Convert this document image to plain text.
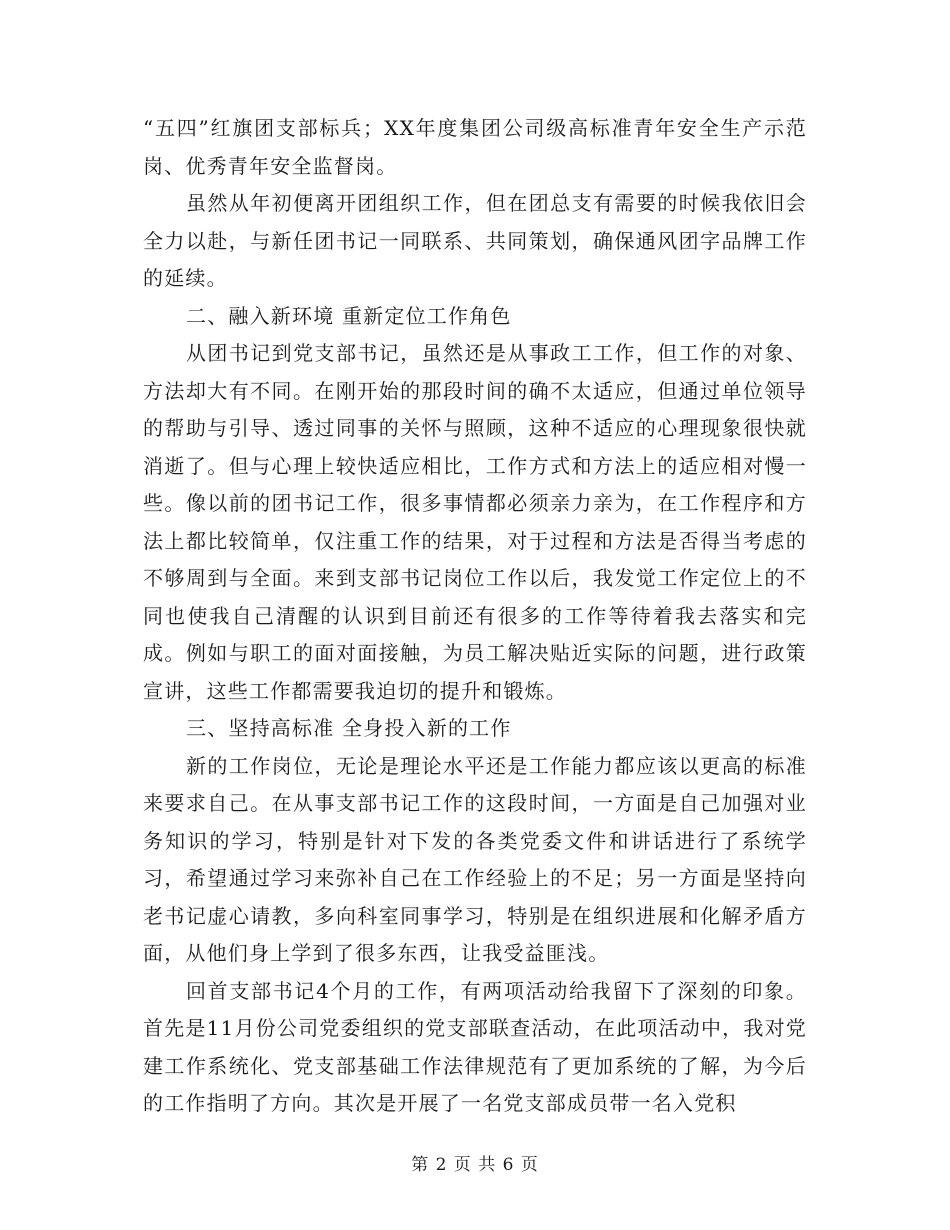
“五四”红旗团支部标兵；XX年度集团公司级高标准青年安全生产示范岗、优秀青年安全监督岗。

虽然从年初便离开团组织工作，但在团总支有需要的时候我依旧会全力以赴，与新任团书记一同联系、共同策划，确保通风团字品牌工作的延续。

二、融入新环境 重新定位工作角色

从团书记到党支部书记，虽然还是从事政工工作，但工作的对象、方法却大有不同。在刚开始的那段时间的确不太适应，但通过单位领导的帮助与引导、透过同事的关怀与照顾，这种不适应的心理现象很快就消逝了。但与心理上较快适应相比，工作方式和方法上的适应相对慢一些。像以前的团书记工作，很多事情都必须亲力亲为，在工作程序和方法上都比较简单，仅注重工作的结果，对于过程和方法是否得当考虑的不够周到与全面。来到支部书记岗位工作以后，我发觉工作定位上的不同也使我自己清醒的认识到目前还有很多的工作等待着我去落实和完成。例如与职工的面对面接触，为员工解决贴近实际的问题，进行政策宣讲，这些工作都需要我迫切的提升和锻炼。

三、坚持高标准 全身投入新的工作

新的工作岗位，无论是理论水平还是工作能力都应该以更高的标准来要求自己。在从事支部书记工作的这段时间，一方面是自己加强对业务知识的学习，特别是针对下发的各类党委文件和讲话进行了系统学习，希望通过学习来弥补自己在工作经验上的不足；另一方面是坚持向老书记虚心请教，多向科室同事学习，特别是在组织进展和化解矛盾方面，从他们身上学到了很多东西，让我受益匪浅。

回首支部书记4个月的工作，有两项活动给我留下了深刻的印象。首先是11月份公司党委组织的党支部联查活动，在此项活动中，我对党建工作系统化、党支部基础工作法律规范有了更加系统的了解，为今后的工作指明了方向。其次是开展了一名党支部成员带一名入党积

第 2 页 共 6 页
